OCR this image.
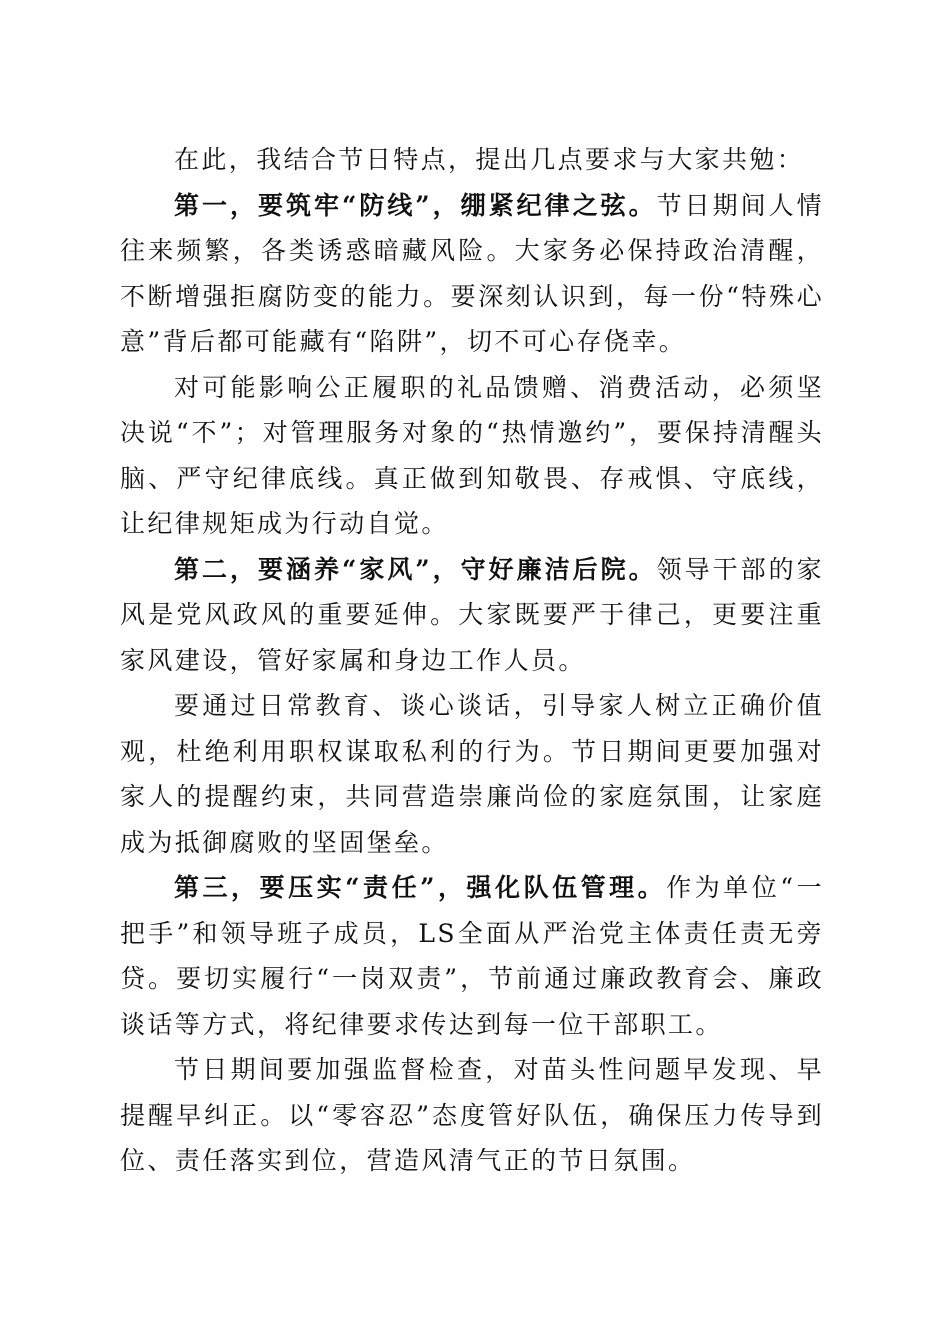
在此，我结合节日特点，提出几点要求与大家共勉：

第一，要筑牢“防线”，绷紧纪律之弦。节日期间人情往来频繁，各类诱惑暗藏风险。大家务必保持政治清醒，不断增强拒腐防变的能力。要深刻认识到，每一份“特殊心意”背后都可能藏有“陷阱”，切不可心存侥幸。

对可能影响公正履职的礼品馈赠、消费活动，必须坚决说“不”；对管理服务对象的“热情邀约”，要保持清醒头脑、严守纪律底线。真正做到知敬畏、存戒惧、守底线，让纪律规矩成为行动自觉。

第二，要涵养“家风”，守好廉洁后院。领导干部的家风是党风政风的重要延伸。大家既要严于律己，更要注重家风建设，管好家属和身边工作人员。

要通过日常教育、谈心谈话，引导家人树立正确价值观，杜绝利用职权谋取私利的行为。节日期间更要加强对家人的提醒约束，共同营造崇廉尚俭的家庭氛围，让家庭成为抵御腐败的坚固堡垒。

第三，要压实“责任”，强化队伍管理。作为单位“一把手”和领导班子成员，LS全面从严治党主体责任责无旁贷。要切实履行“一岗双责”，节前通过廉政教育会、廉政谈话等方式，将纪律要求传达到每一位干部职工。

节日期间要加强监督检查，对苗头性问题早发现、早提醒早纠正。以“零容忍”态度管好队伍，确保压力传导到位、责任落实到位，营造风清气正的节日氛围。
